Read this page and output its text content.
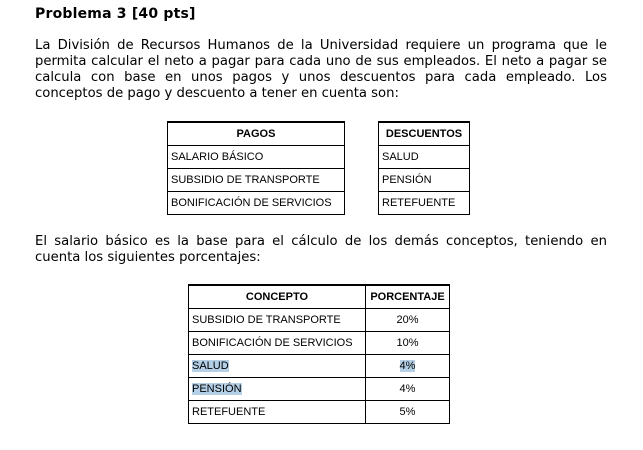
Problema 3 [40 pts]
La División de Recursos Humanos de la Universidad requiere un programa que le permita calcular el neto a pagar para cada uno de sus empleados. El neto a pagar se calcula con base en unos pagos y unos descuentos para cada empleado. Los conceptos de pago y descuento a tener en cuenta son:
PAGOS
SALARIO BÁSICO
SUBSIDIO DE TRANSPORTE
BONIFICACIÓN DE SERVICIOS
DESCUENTOS
SALUD
PENSIÓN
RETEFUENTE
El salario básico es la base para el cálculo de los demás conceptos, teniendo en cuenta los siguientes porcentajes:
CONCEPTO	PORCENTAJE
SUBSIDIO DE TRANSPORTE	20%
BONIFICACIÓN DE SERVICIOS	10%
SALUD	4%
PENSIÓN	4%
RETEFUENTE	5%
